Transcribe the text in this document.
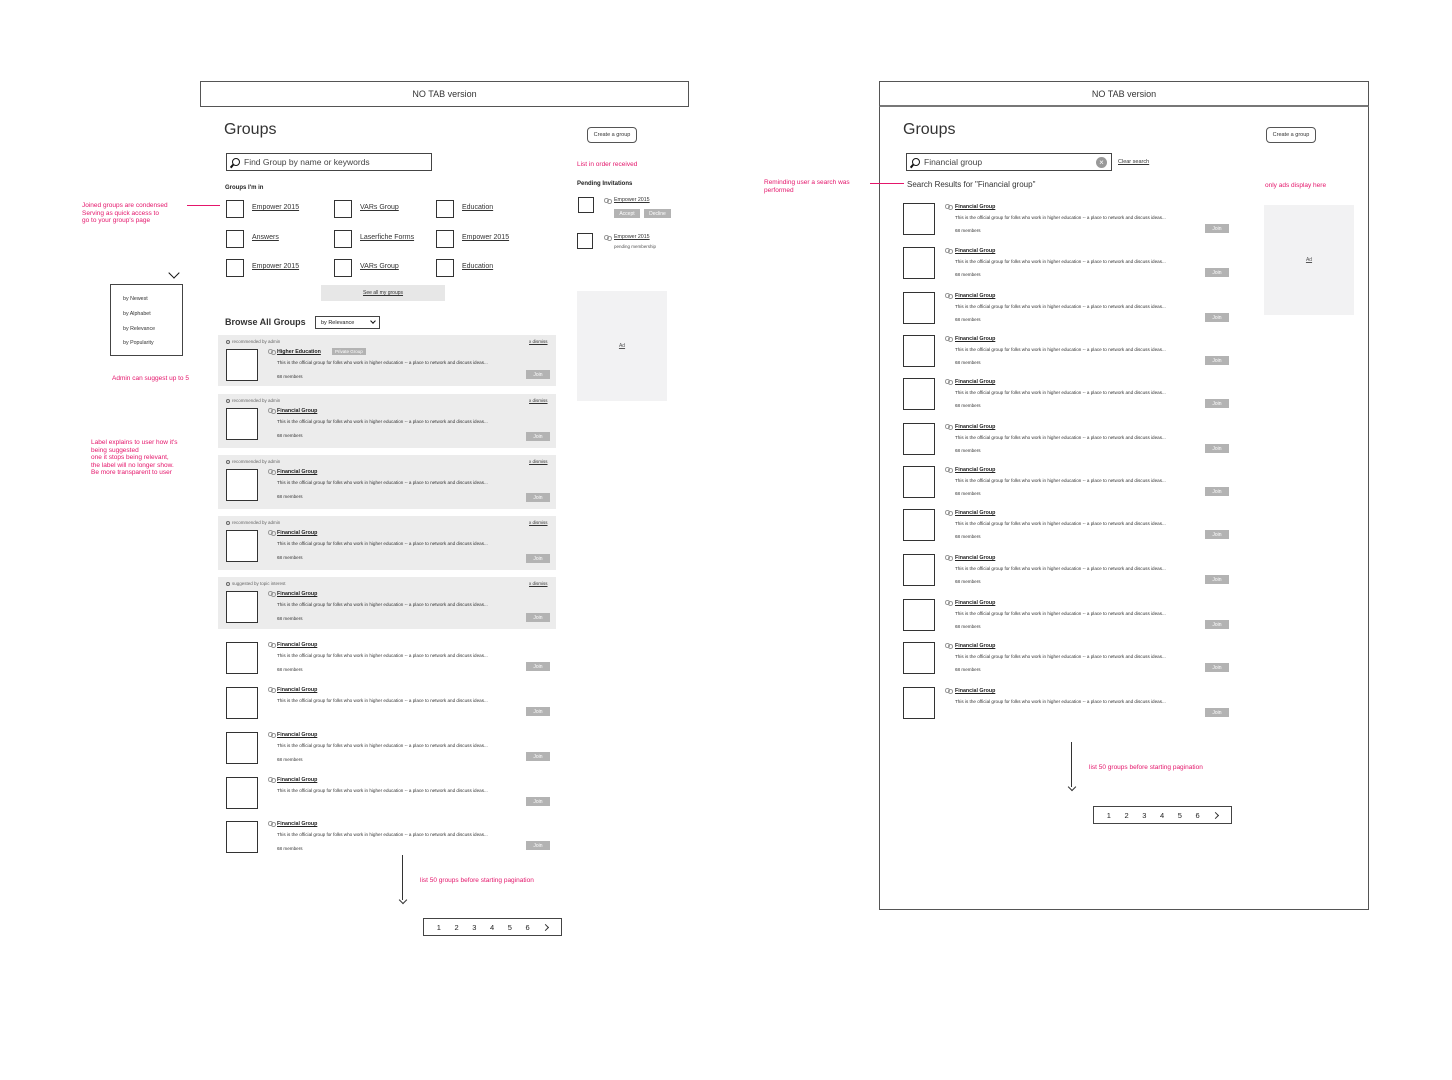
NO TAB version
Groups	Create a group
Find Group by name or keywords
Groups I'm in
Empower 2015	VARs Group	Education
Answers	Laserfiche Forms	Empower 2015
Empower 2015	VARs Group	Education
See all my groups
Browse All Groups	by Relevance
by Newest
by Alphabet
by Relevance
by Popularity
List in order received
Pending Invitations
Empower 2015
Accept	Decline
Empower 2015
pending membership
Ad
recommended by admin	x dismiss
Higher Education	Private Group
This is the official group for folks who work in higher education -- a place to network and discuss ideas...
68 members	Join
recommended by admin	x dismiss
Financial Group
This is the official group for folks who work in higher education -- a place to network and discuss ideas...
68 members	Join
recommended by admin	x dismiss
Financial Group
This is the official group for folks who work in higher education -- a place to network and discuss ideas...
68 members	Join
recommended by admin	x dismiss
Financial Group
This is the official group for folks who work in higher education -- a place to network and discuss ideas...
68 members	Join
suggested by topic interest	x dismiss
Financial Group
This is the official group for folks who work in higher education -- a place to network and discuss ideas...
68 members	Join
Financial Group
This is the official group for folks who work in higher education -- a place to network and discuss ideas...
68 members	Join
Financial Group
This is the official group for folks who work in higher education -- a place to network and discuss ideas...
Join
Financial Group
This is the official group for folks who work in higher education -- a place to network and discuss ideas...
68 members	Join
Financial Group
This is the official group for folks who work in higher education -- a place to network and discuss ideas...
Join
Financial Group
This is the official group for folks who work in higher education -- a place to network and discuss ideas...
68 members	Join
list 50 groups before starting pagination
1 2 3 4 5 6
Joined groups are condensed
Serving as quick access to
go to your group's page
Admin can suggest up to 5
Label explains to user how it's
being suggested
one it stops being relevant,
the label will no longer show.
Be more transparent to user
NO TAB version
Groups	Create a group
Financial group	×	Clear search
Search Results for "Financial group"
Ad
Financial Group
This is the official group for folks who work in higher education -- a place to network and discuss ideas...
68 members	Join
Financial Group
This is the official group for folks who work in higher education -- a place to network and discuss ideas...
68 members	Join
Financial Group
This is the official group for folks who work in higher education -- a place to network and discuss ideas...
68 members	Join
Financial Group
This is the official group for folks who work in higher education -- a place to network and discuss ideas...
68 members	Join
Financial Group
This is the official group for folks who work in higher education -- a place to network and discuss ideas...
68 members	Join
Financial Group
This is the official group for folks who work in higher education -- a place to network and discuss ideas...
68 members	Join
Financial Group
This is the official group for folks who work in higher education -- a place to network and discuss ideas...
68 members	Join
Financial Group
This is the official group for folks who work in higher education -- a place to network and discuss ideas...
68 members	Join
Financial Group
This is the official group for folks who work in higher education -- a place to network and discuss ideas...
68 members	Join
Financial Group
This is the official group for folks who work in higher education -- a place to network and discuss ideas...
68 members	Join
Financial Group
This is the official group for folks who work in higher education -- a place to network and discuss ideas...
68 members	Join
Financial Group
This is the official group for folks who work in higher education -- a place to network and discuss ideas...
Join
list 50 groups before starting pagination
1 2 3 4 5 6
Reminding user a search was
performed
only ads display here
